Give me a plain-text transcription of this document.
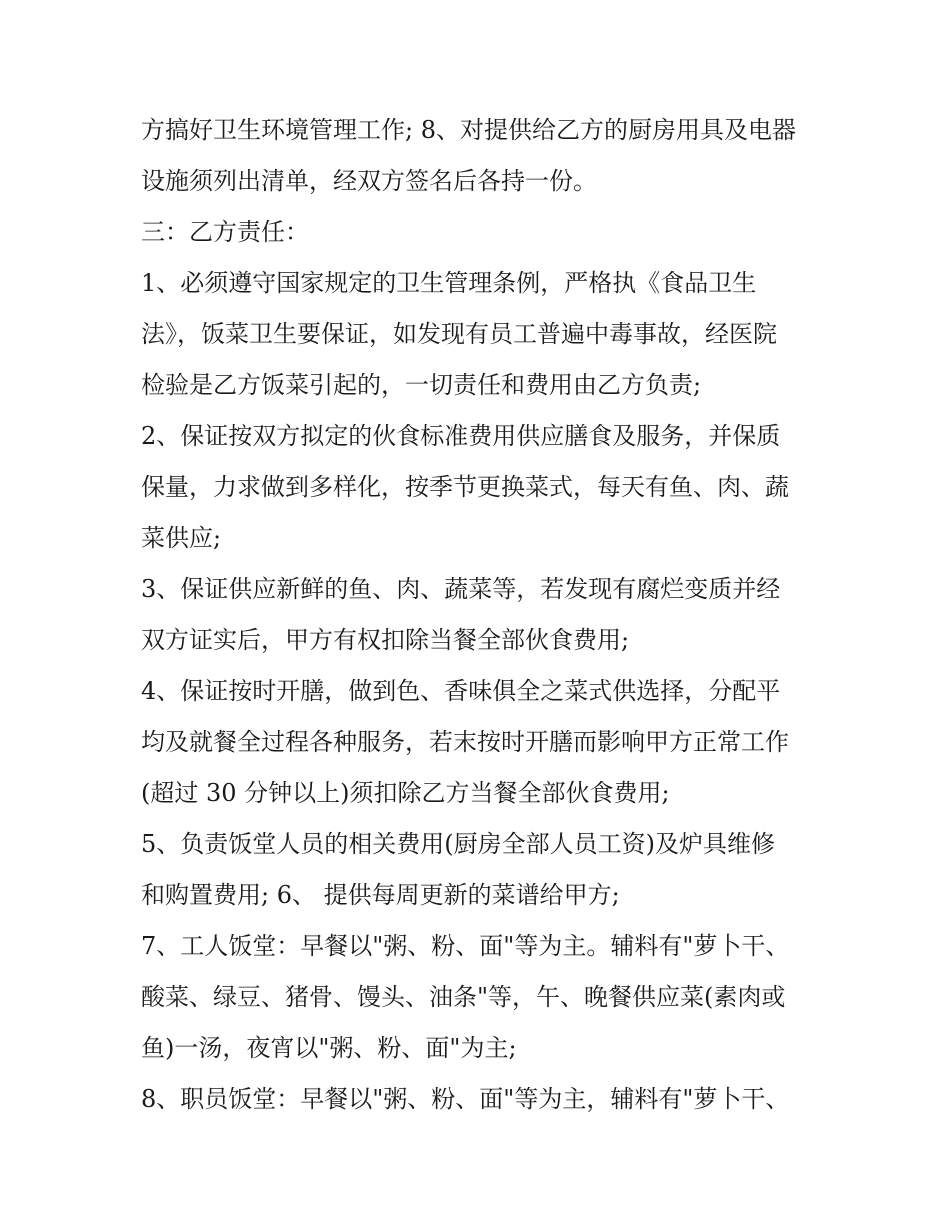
方搞好卫生环境管理工作; 8、对提供给乙方的厨房用具及电器
设施须列出清单，经双方签名后各持一份。
三：乙方责任：
1、必须遵守国家规定的卫生管理条例，严格执《食品卫生
法》，饭菜卫生要保证，如发现有员工普遍中毒事故，经医院
检验是乙方饭菜引起的，一切责任和费用由乙方负责;
2、保证按双方拟定的伙食标准费用供应膳食及服务，并保质
保量，力求做到多样化，按季节更换菜式，每天有鱼、肉、蔬
菜供应;
3、保证供应新鲜的鱼、肉、蔬菜等，若发现有腐烂变质并经
双方证实后，甲方有权扣除当餐全部伙食费用;
4、保证按时开膳，做到色、香味俱全之菜式供选择，分配平
均及就餐全过程各种服务，若末按时开膳而影响甲方正常工作
(超过 30 分钟以上)须扣除乙方当餐全部伙食费用;
5、负责饭堂人员的相关费用(厨房全部人员工资)及炉具维修
和购置费用; 6、 提供每周更新的菜谱给甲方;
7、工人饭堂：早餐以"粥、粉、面"等为主。辅料有"萝卜干、
酸菜、绿豆、猪骨、馒头、油条"等，午、晚餐供应菜(素肉或
鱼)一汤，夜宵以"粥、粉、面"为主;
8、职员饭堂：早餐以"粥、粉、面"等为主，辅料有"萝卜干、
